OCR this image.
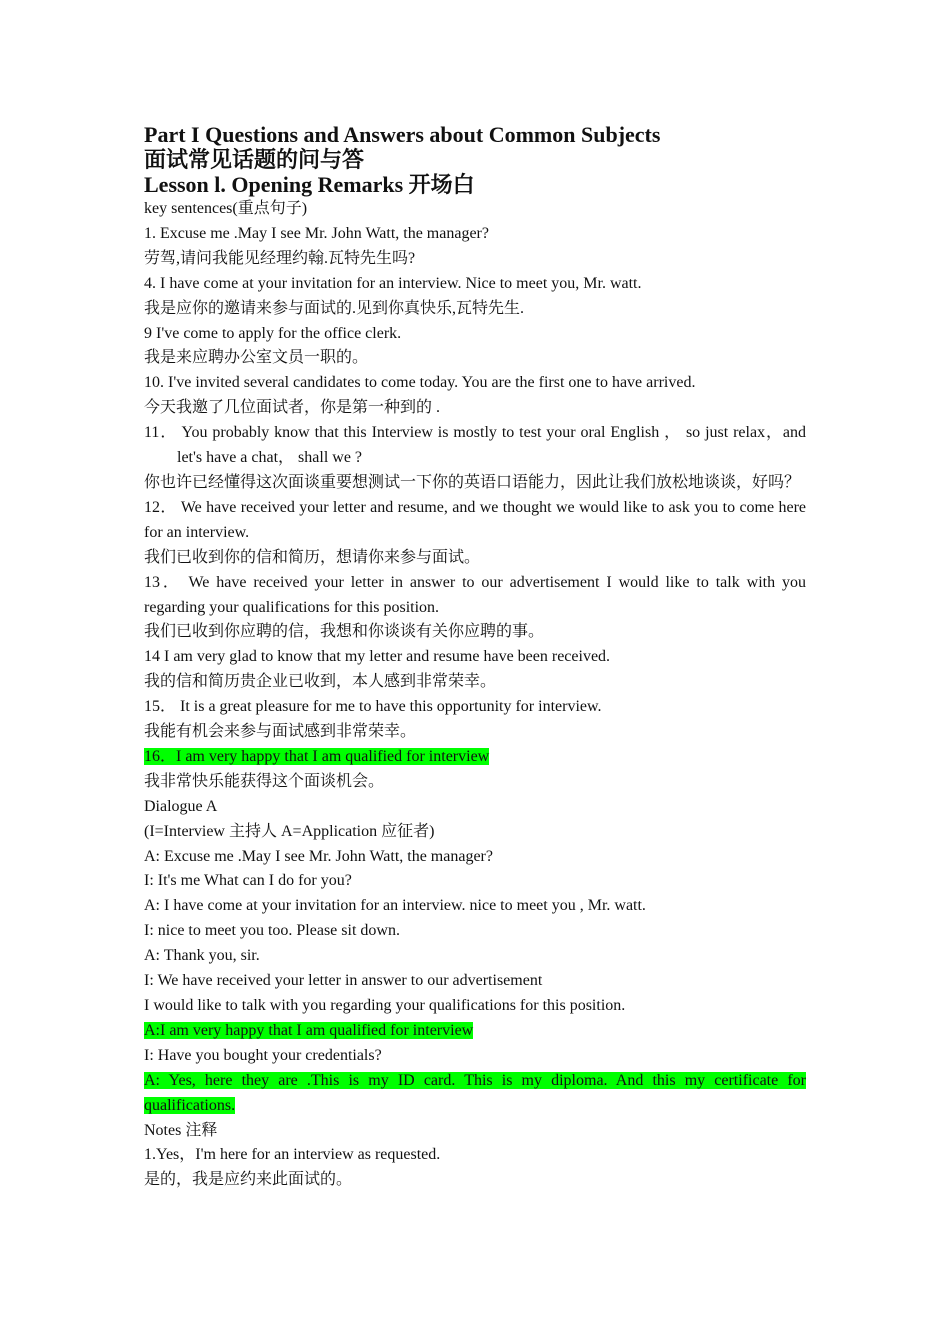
Part I Questions and Answers about Common Subjects
面试常见话题的问与答
Lesson l. Opening Remarks 开场白
key sentences(重点句子)
1. Excuse me .May I see Mr. John Watt, the manager?
劳驾,请问我能见经理约翰.瓦特先生吗?
4. I have come at your invitation for an interview. Nice to meet you, Mr. watt.
我是应你的邀请来参与面试的.见到你真快乐,瓦特先生.
9 I've come to apply for the office clerk.
我是来应聘办公室文员一职的。
10. I've invited several candidates to come today. You are the first one to have arrived.
今天我邀了几位面试者，你是第一种到的 .
11． You probably know that this Interview is mostly to test your oral English ， so just relax，and let's have a chat， shall we ?
你也许已经懂得这次面谈重要想测试一下你的英语口语能力，因此让我们放松地谈谈，好吗？
12． We have received your letter and resume, and we thought we would like to ask you to come here for an interview.
我们已收到你的信和简历，想请你来参与面试。
13． We have received your letter in answer to our advertisement I would like to talk with you regarding your qualifications for this position.
我们已收到你应聘的信，我想和你谈谈有关你应聘的事。
14 I am very glad to know that my letter and resume have been received.
我的信和简历贵企业已收到，本人感到非常荣幸。
15． It is a great pleasure for me to have this opportunity for interview.
我能有机会来参与面试感到非常荣幸。
16．I am very happy that I am qualified for interview
我非常快乐能获得这个面谈机会。
Dialogue A
(I=Interview 主持人 A=Application 应征者)
A: Excuse me .May I see Mr. John Watt, the manager?
I: It's me What can I do for you?
A: I have come at your invitation for an interview. nice to meet you , Mr. watt.
I: nice to meet you too. Please sit down.
A: Thank you, sir.
I: We have received your letter in answer to our advertisement
I would like to talk with you regarding your qualifications for this position.
A:I am very happy that I am qualified for interview
I: Have you bought your credentials?
A: Yes, here they are .This is my ID card. This is my diploma. And this my certificate for qualifications.
Notes 注释
1.Yes，I'm here for an interview as requested.
是的，我是应约来此面试的。
